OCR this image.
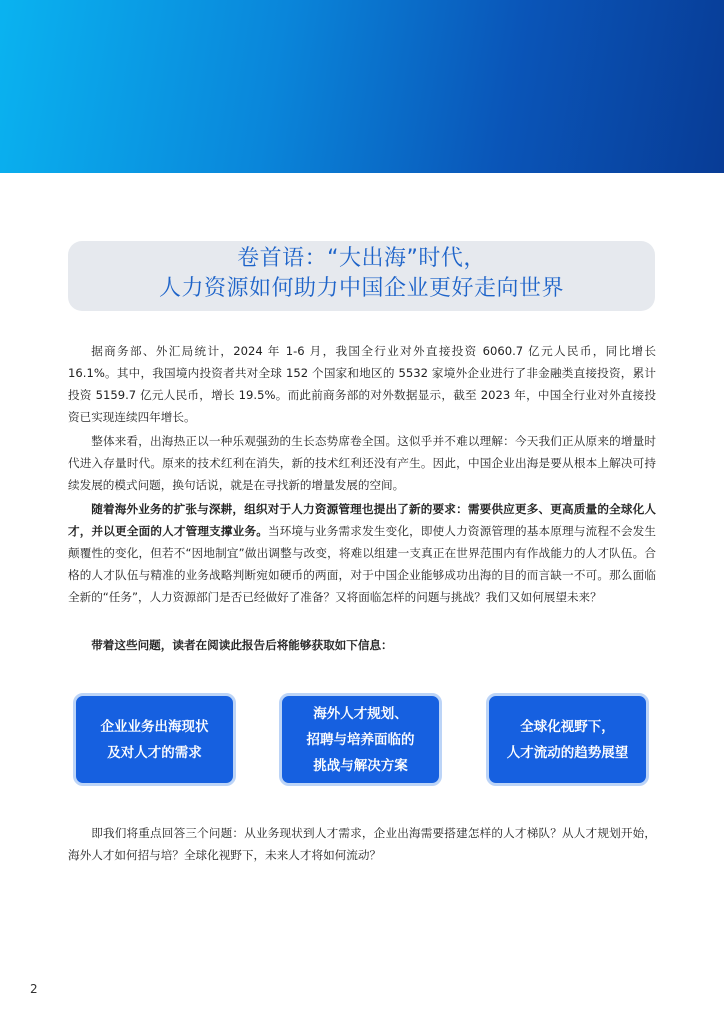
卷首语：“大出海”时代，
人力资源如何助力中国企业更好走向世界

据商务部、外汇局统计，2024 年 1-6 月，我国全行业对外直接投资 6060.7 亿元人民币，同比增长 16.1%。其中，我国境内投资者共对全球 152 个国家和地区的 5532 家境外企业进行了非金融类直接投资，累计投资 5159.7 亿元人民币，增长 19.5%。而此前商务部的对外数据显示，截至 2023 年，中国全行业对外直接投资已实现连续四年增长。

整体来看，出海热正以一种乐观强劲的生长态势席卷全国。这似乎并不难以理解：今天我们正从原来的增量时代进入存量时代。原来的技术红利在消失，新的技术红利还没有产生。因此，中国企业出海是要从根本上解决可持续发展的模式问题，换句话说，就是在寻找新的增量发展的空间。

随着海外业务的扩张与深耕，组织对于人力资源管理也提出了新的要求：需要供应更多、更高质量的全球化人才，并以更全面的人才管理支撑业务。当环境与业务需求发生变化，即使人力资源管理的基本原理与流程不会发生颠覆性的变化，但若不“因地制宜”做出调整与改变，将难以组建一支真正在世界范围内有作战能力的人才队伍。合格的人才队伍与精准的业务战略判断宛如硬币的两面，对于中国企业能够成功出海的目的而言缺一不可。那么面临全新的“任务”，人力资源部门是否已经做好了准备？又将面临怎样的问题与挑战？我们又如何展望未来？

带着这些问题，读者在阅读此报告后将能够获取如下信息：

企业业务出海现状
及对人才的需求
海外人才规划、
招聘与培养面临的
挑战与解决方案
全球化视野下，
人才流动的趋势展望

即我们将重点回答三个问题：从业务现状到人才需求，企业出海需要搭建怎样的人才梯队？从人才规划开始，海外人才如何招与培？全球化视野下，未来人才将如何流动？

2
